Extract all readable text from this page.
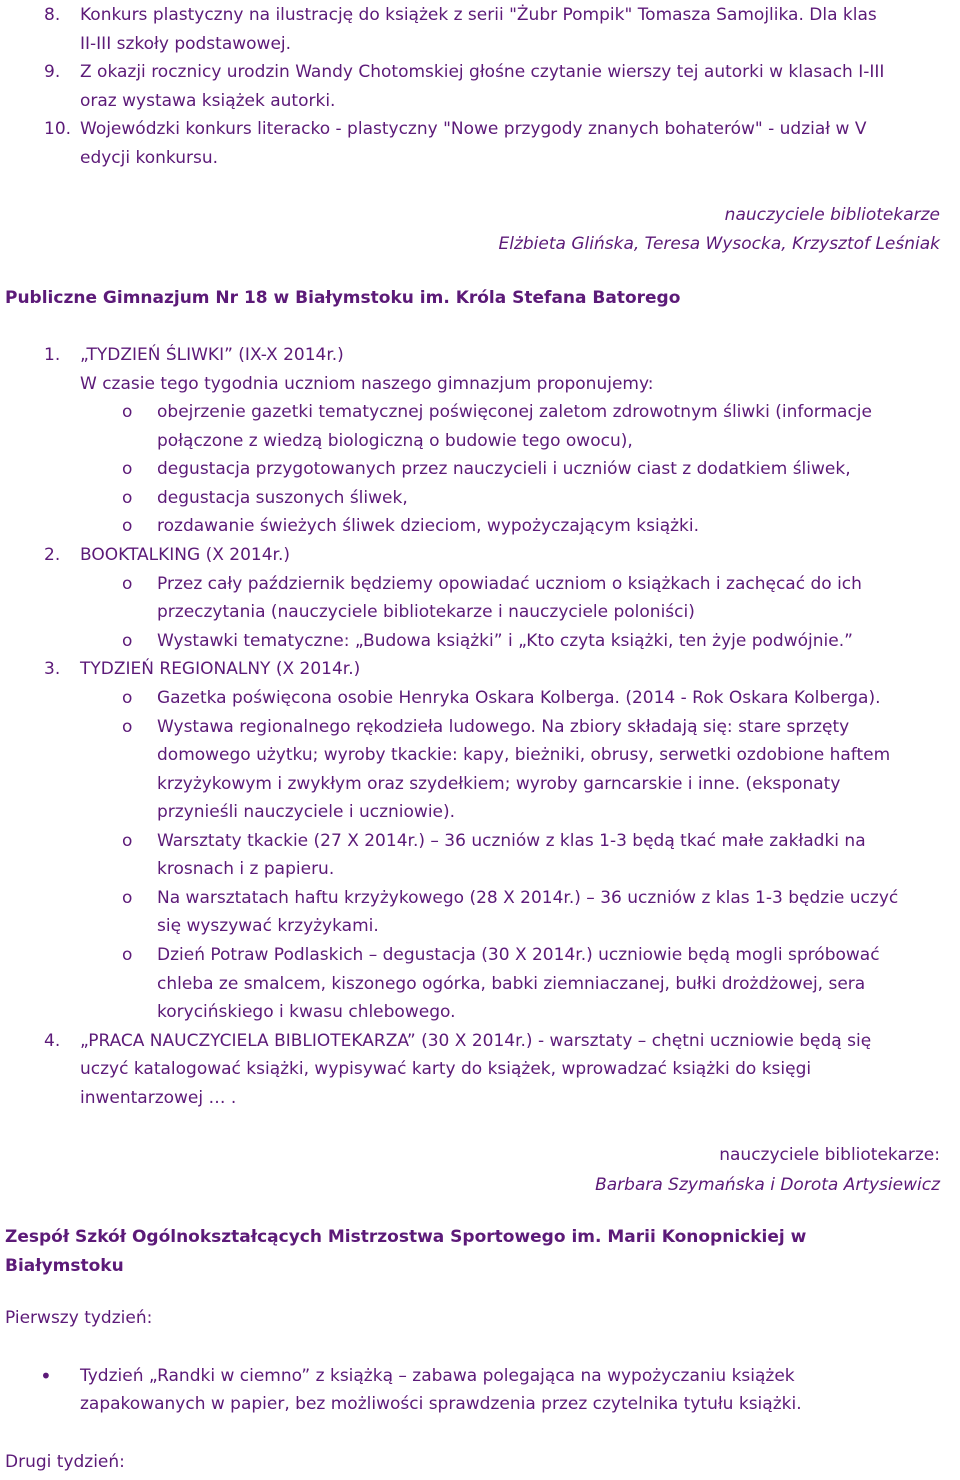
8. Konkurs plastyczny na ilustrację do książek z serii "Żubr Pompik" Tomasza Samojlika. Dla klas
II-III szkoły podstawowej.
9. Z okazji rocznicy urodzin Wandy Chotomskiej głośne czytanie wierszy tej autorki w klasach I-III
oraz wystawa książek autorki.
10. Wojewódzki konkurs literacko - plastyczny "Nowe przygody znanych bohaterów" - udział w V
edycji konkursu.
nauczyciele bibliotekarze
Elżbieta Glińska, Teresa Wysocka, Krzysztof Leśniak
Publiczne Gimnazjum Nr 18 w Białymstoku im. Króla Stefana Batorego
1. „TYDZIEŃ ŚLIWKI” (IX-X 2014r.)
W czasie tego tygodnia uczniom naszego gimnazjum proponujemy:
o obejrzenie gazetki tematycznej poświęconej zaletom zdrowotnym śliwki (informacje
połączone z wiedzą biologiczną o budowie tego owocu),
o degustacja przygotowanych przez nauczycieli i uczniów ciast z dodatkiem śliwek,
o degustacja suszonych śliwek,
o rozdawanie świeżych śliwek dzieciom, wypożyczającym książki.
2. BOOKTALKING (X 2014r.)
o Przez cały październik będziemy opowiadać uczniom o książkach i zachęcać do ich
przeczytania (nauczyciele bibliotekarze i nauczyciele poloniści)
o Wystawki tematyczne: „Budowa książki” i „Kto czyta książki, ten żyje podwójnie.”
3. TYDZIEŃ REGIONALNY (X 2014r.)
o Gazetka poświęcona osobie Henryka Oskara Kolberga. (2014 - Rok Oskara Kolberga).
o Wystawa regionalnego rękodzieła ludowego. Na zbiory składają się: stare sprzęty
domowego użytku; wyroby tkackie: kapy, bieżniki, obrusy, serwetki ozdobione haftem
krzyżykowym i zwykłym oraz szydełkiem; wyroby garncarskie i inne. (eksponaty
przynieśli nauczyciele i uczniowie).
o Warsztaty tkackie (27 X 2014r.) – 36 uczniów z klas 1-3 będą tkać małe zakładki na
krosnach i z papieru.
o Na warsztatach haftu krzyżykowego (28 X 2014r.) – 36 uczniów z klas 1-3 będzie uczyć
się wyszywać krzyżykami.
o Dzień Potraw Podlaskich – degustacja (30 X 2014r.) uczniowie będą mogli spróbować
chleba ze smalcem, kiszonego ogórka, babki ziemniaczanej, bułki drożdżowej, sera
korycińskiego i kwasu chlebowego.
4. „PRACA NAUCZYCIELA BIBLIOTEKARZA” (30 X 2014r.) - warsztaty – chętni uczniowie będą się
uczyć katalogować książki, wypisywać karty do książek, wprowadzać książki do księgi
inwentarzowej … .
nauczyciele bibliotekarze:
Barbara Szymańska i Dorota Artysiewicz
Zespół Szkół Ogólnokształcących Mistrzostwa Sportowego im. Marii Konopnickiej w
Białymstoku
Pierwszy tydzień:
• Tydzień „Randki w ciemno” z książką – zabawa polegająca na wypożyczaniu książek
zapakowanych w papier, bez możliwości sprawdzenia przez czytelnika tytułu książki.
Drugi tydzień:
